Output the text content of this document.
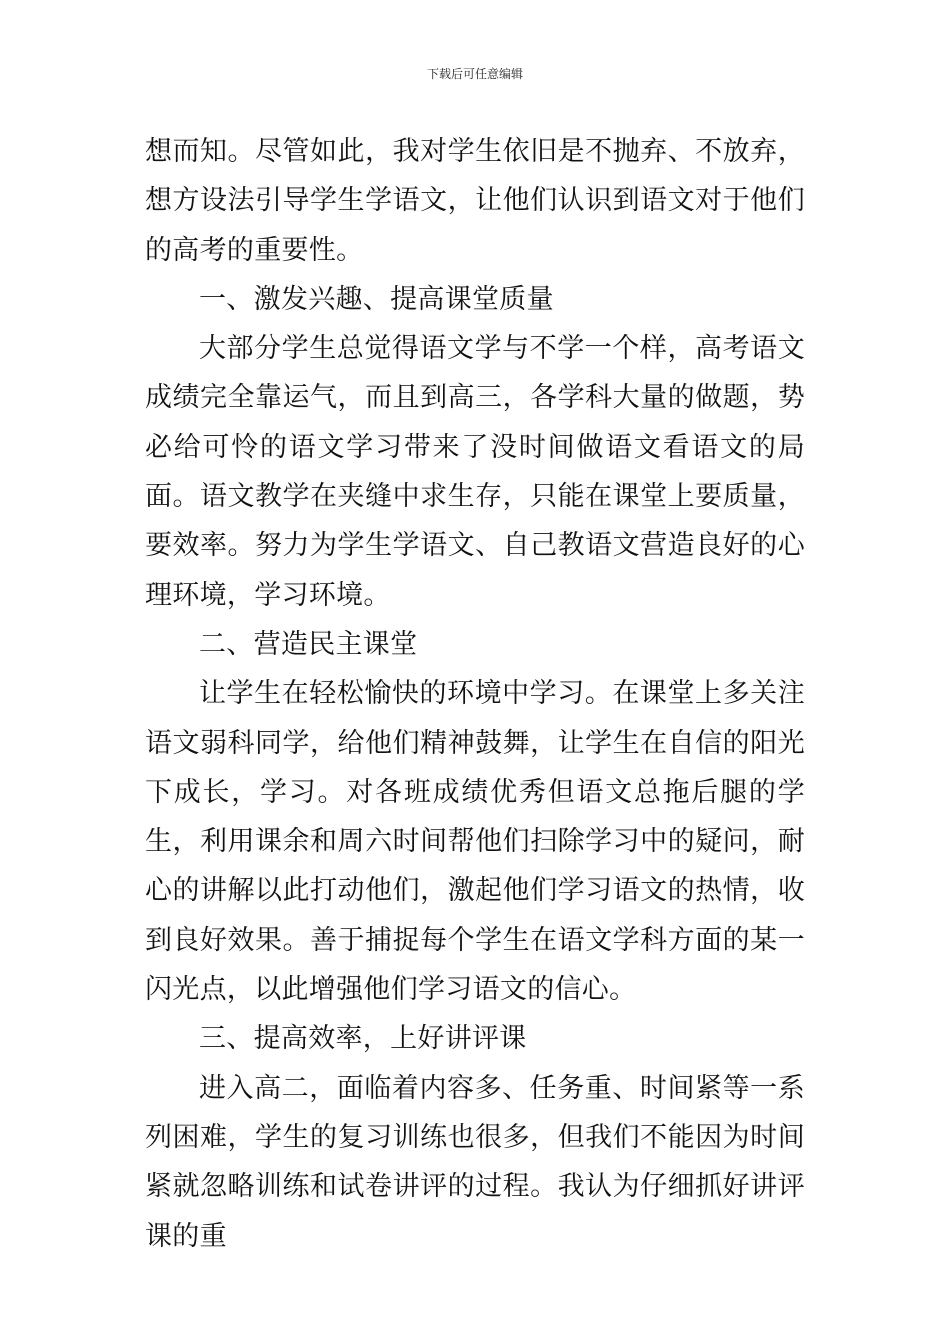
下载后可任意编辑

想而知。尽管如此，我对学生依旧是不抛弃、不放弃，想方设法引导学生学语文，让他们认识到语文对于他们的高考的重要性。

一、激发兴趣、提高课堂质量

大部分学生总觉得语文学与不学一个样，高考语文成绩完全靠运气，而且到高三，各学科大量的做题，势必给可怜的语文学习带来了没时间做语文看语文的局面。语文教学在夹缝中求生存，只能在课堂上要质量，要效率。努力为学生学语文、自己教语文营造良好的心理环境，学习环境。

二、营造民主课堂

让学生在轻松愉快的环境中学习。在课堂上多关注语文弱科同学，给他们精神鼓舞，让学生在自信的阳光下成长，学习。对各班成绩优秀但语文总拖后腿的学生，利用课余和周六时间帮他们扫除学习中的疑问，耐心的讲解以此打动他们，激起他们学习语文的热情，收到良好效果。善于捕捉每个学生在语文学科方面的某一闪光点，以此增强他们学习语文的信心。

三、提高效率，上好讲评课

进入高二，面临着内容多、任务重、时间紧等一系列困难，学生的复习训练也很多，但我们不能因为时间紧就忽略训练和试卷讲评的过程。我认为仔细抓好讲评课的重
